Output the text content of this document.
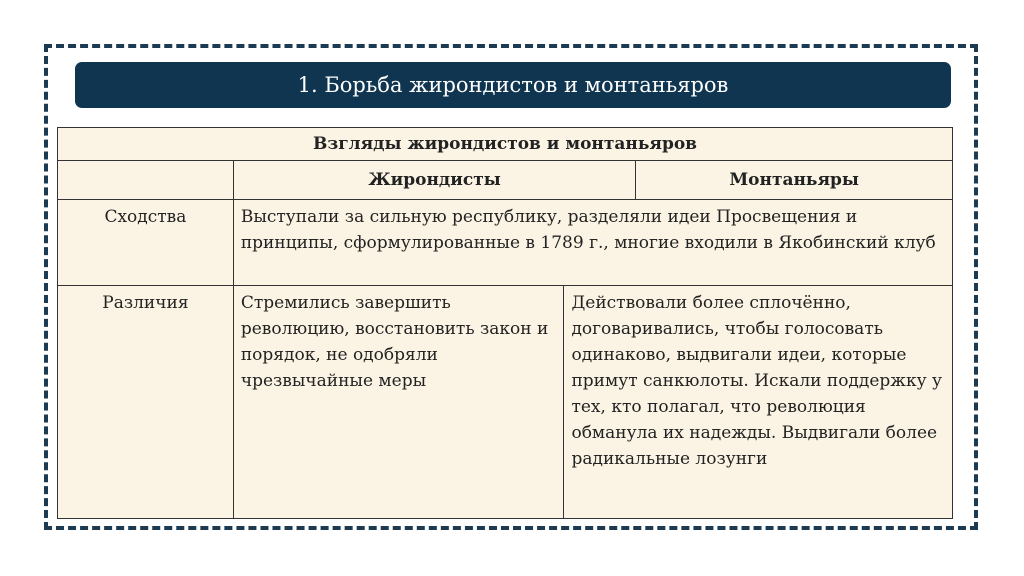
1. Борьба жирондистов и монтаньяров
Взгляды жирондистов и монтаньяров			
	Жирондисты		Монтаньяры
Сходства	Выступали за сильную республику, разделяли идеи Просвещения и принципы, сформулированные в 1789 г., многие входили в Якобинский клуб		
Различия	Стремились завершить революцию, восстановить закон и порядок, не одобряли чрезвычайные меры	Действовали более сплочённо, договаривались, чтобы голосовать одинаково, выдвигали идеи, которые примут санкюлоты. Искали поддержку у тех, кто полагал, что революция обманула их надежды. Выдвигали более радикальные лозунги	
